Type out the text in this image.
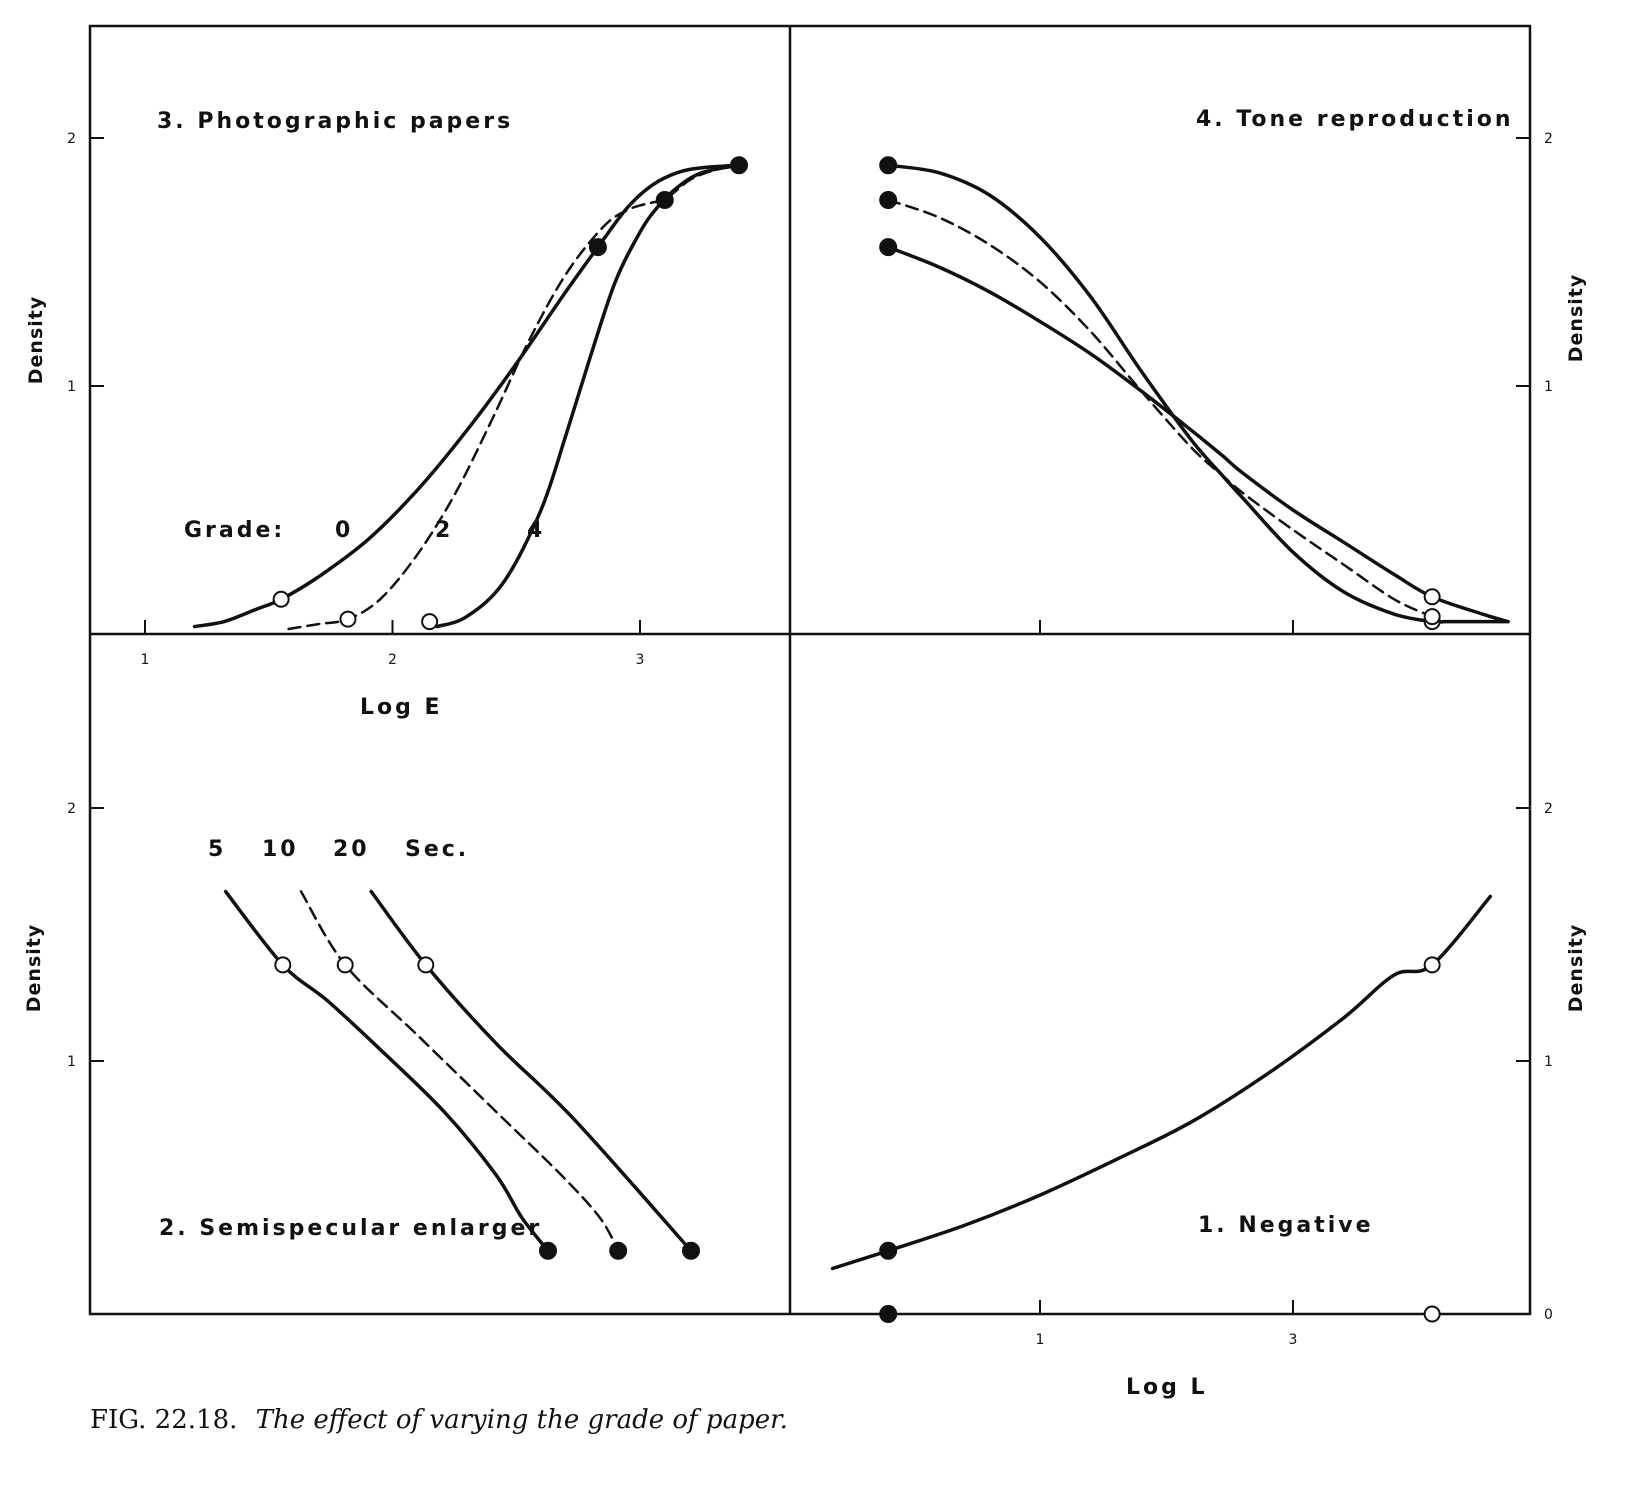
3. Photographic papers
Grade: 0	2	4
Log E
Density
1
2
1	2	3
4. Tone reproduction
Density
1
2
2. Semispecular enlarger
5 10 20 Sec.
Density
1
2
1. Negative
Log L
Density
0
1
2
1	3
FIG. 22.18. The effect of varying the grade of paper.
